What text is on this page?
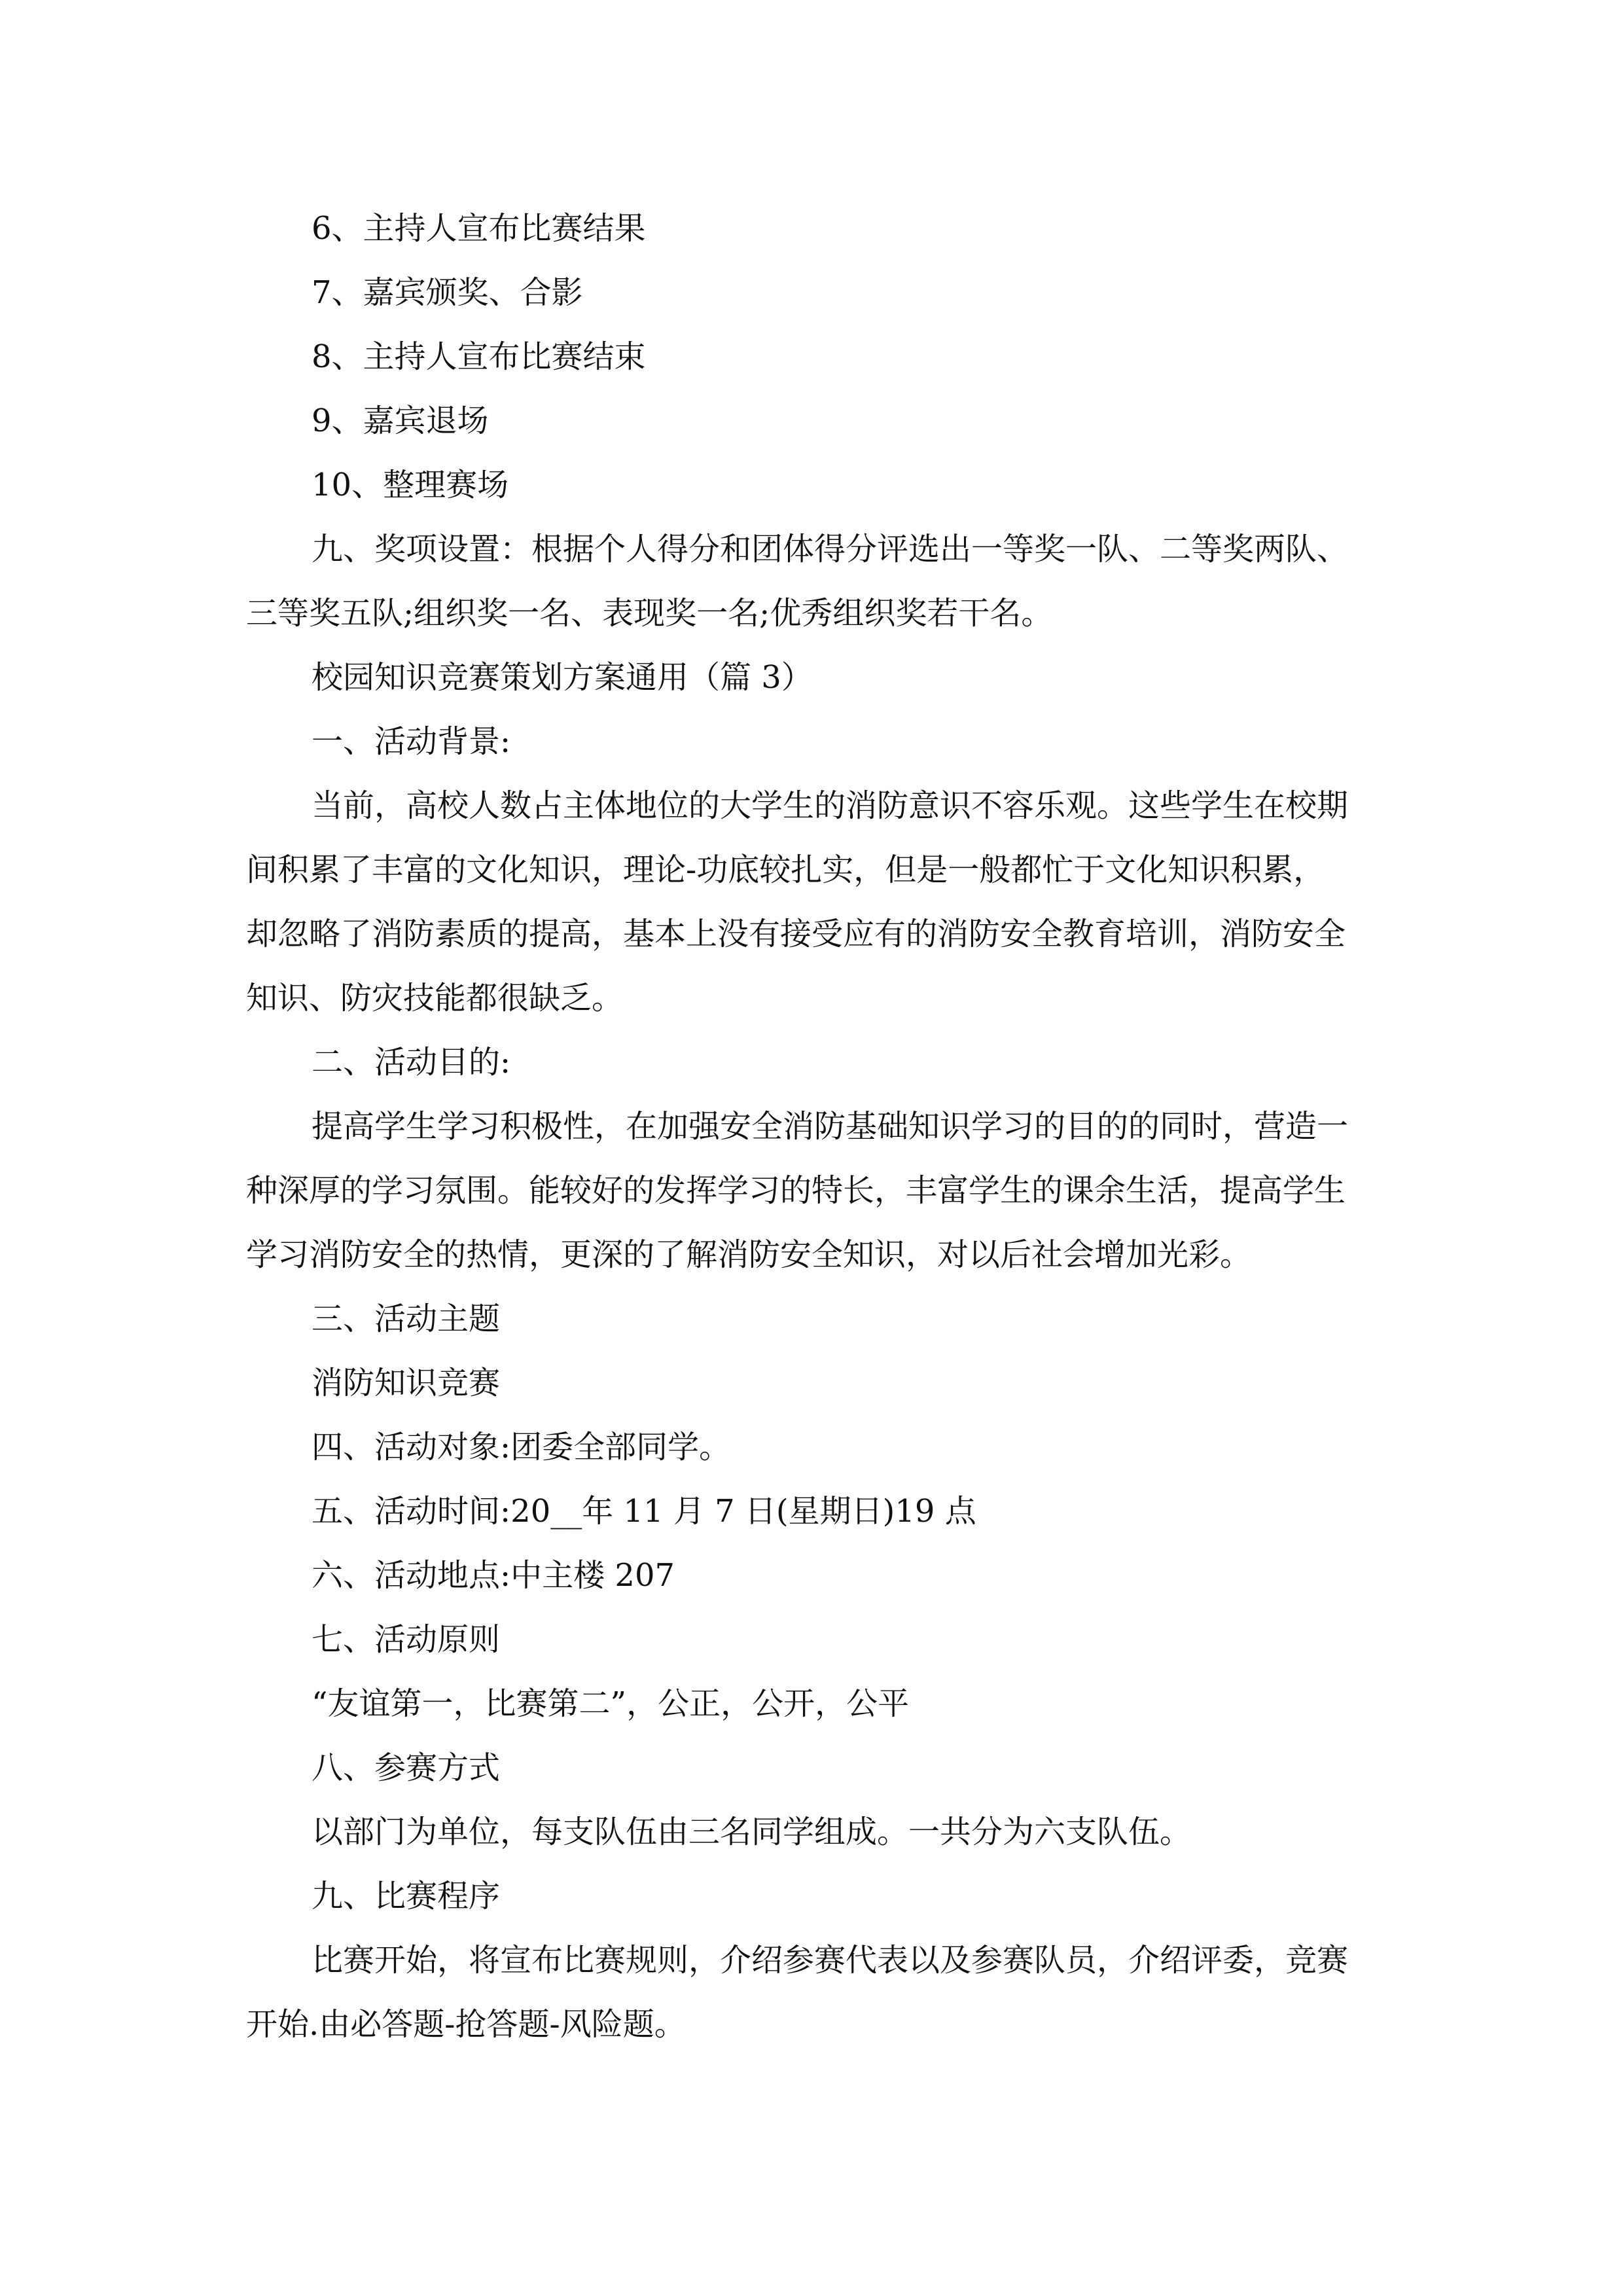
6、主持人宣布比赛结果

7、嘉宾颁奖、合影

8、主持人宣布比赛结束

9、嘉宾退场

10、整理赛场

九、奖项设置：根据个人得分和团体得分评选出一等奖一队、二等奖两队、

三等奖五队;组织奖一名、表现奖一名;优秀组织奖若干名。

校园知识竞赛策划方案通用（篇 3）

一、活动背景:

当前，高校人数占主体地位的大学生的消防意识不容乐观。这些学生在校期

间积累了丰富的文化知识，理论-功底较扎实，但是一般都忙于文化知识积累，

却忽略了消防素质的提高，基本上没有接受应有的消防安全教育培训，消防安全

知识、防灾技能都很缺乏。

二、活动目的:

提高学生学习积极性，在加强安全消防基础知识学习的目的的同时，营造一

种深厚的学习氛围。能较好的发挥学习的特长，丰富学生的课余生活，提高学生

学习消防安全的热情，更深的了解消防安全知识，对以后社会增加光彩。

三、活动主题

消防知识竞赛

四、活动对象:团委全部同学。

五、活动时间:20__年 11 月 7 日(星期日)19 点

六、活动地点:中主楼 207

七、活动原则

“友谊第一，比赛第二”，公正，公开，公平

八、参赛方式

以部门为单位，每支队伍由三名同学组成。一共分为六支队伍。

九、比赛程序

比赛开始，将宣布比赛规则，介绍参赛代表以及参赛队员，介绍评委，竞赛

开始.由必答题-抢答题-风险题。
